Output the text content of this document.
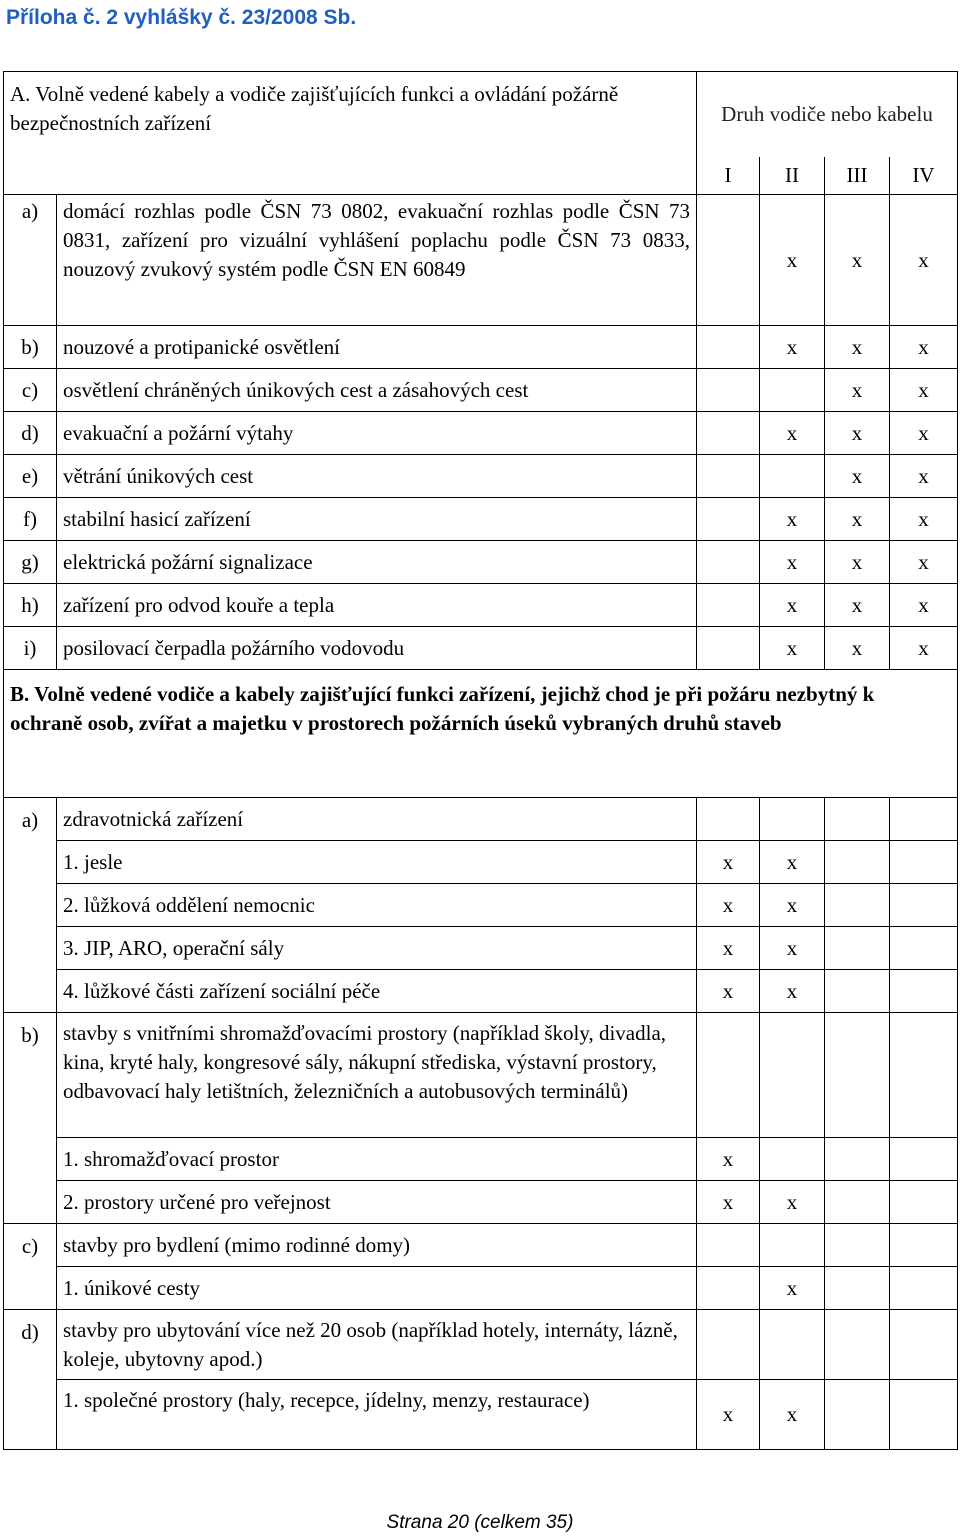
Příloha č. 2 vyhlášky č. 23/2008 Sb.
A. Volně vedené kabely a vodiče zajišťujících funkci a ovládání požárně bezpečnostních zařízení		Druh vodiče nebo kabelu			
		I	II	III	IV
a)	domácí rozhlas podle ČSN 73 0802, evakuační rozhlas podle ČSN 73 0831, zařízení pro vizuální vyhlášení poplachu podle ČSN 73 0833, nouzový zvukový systém podle ČSN EN 60849		x	x	x
b)	nouzové a protipanické osvětlení		x	x	x
c)	osvětlení chráněných únikových cest a zásahových cest			x	x
d)	evakuační a požární výtahy		x	x	x
e)	větrání únikových cest			x	x
f)	stabilní hasicí zařízení		x	x	x
g)	elektrická požární signalizace		x	x	x
h)	zařízení pro odvod kouře a tepla		x	x	x
i)	posilovací čerpadla požárního vodovodu		x	x	x
B. Volně vedené vodiče a kabely zajišťující funkci zařízení, jejichž chod je při požáru nezbytný k ochraně osob, zvířat a majetku v prostorech požárních úseků vybraných druhů staveb					
a)	zdravotnická zařízení				
	1. jesle	x	x		
	2. lůžková oddělení nemocnic	x	x		
	3. JIP, ARO, operační sály	x	x		
	4. lůžkové části zařízení sociální péče	x	x		
b)	stavby s vnitřními shromažďovacími prostory (například školy, divadla, kina, kryté haly, kongresové sály, nákupní střediska, výstavní prostory, odbavovací haly letištních, železničních a autobusových terminálů)				
	1. shromažďovací prostor	x			
	2. prostory určené pro veřejnost	x	x		
c)	stavby pro bydlení (mimo rodinné domy)				
	1. únikové cesty		x		
d)	stavby pro ubytování více než 20 osob (například hotely, internáty, lázně, koleje, ubytovny apod.)				
	1. společné prostory (haly, recepce, jídelny, menzy, restaurace)	x	x		
Strana 20 (celkem 35)
